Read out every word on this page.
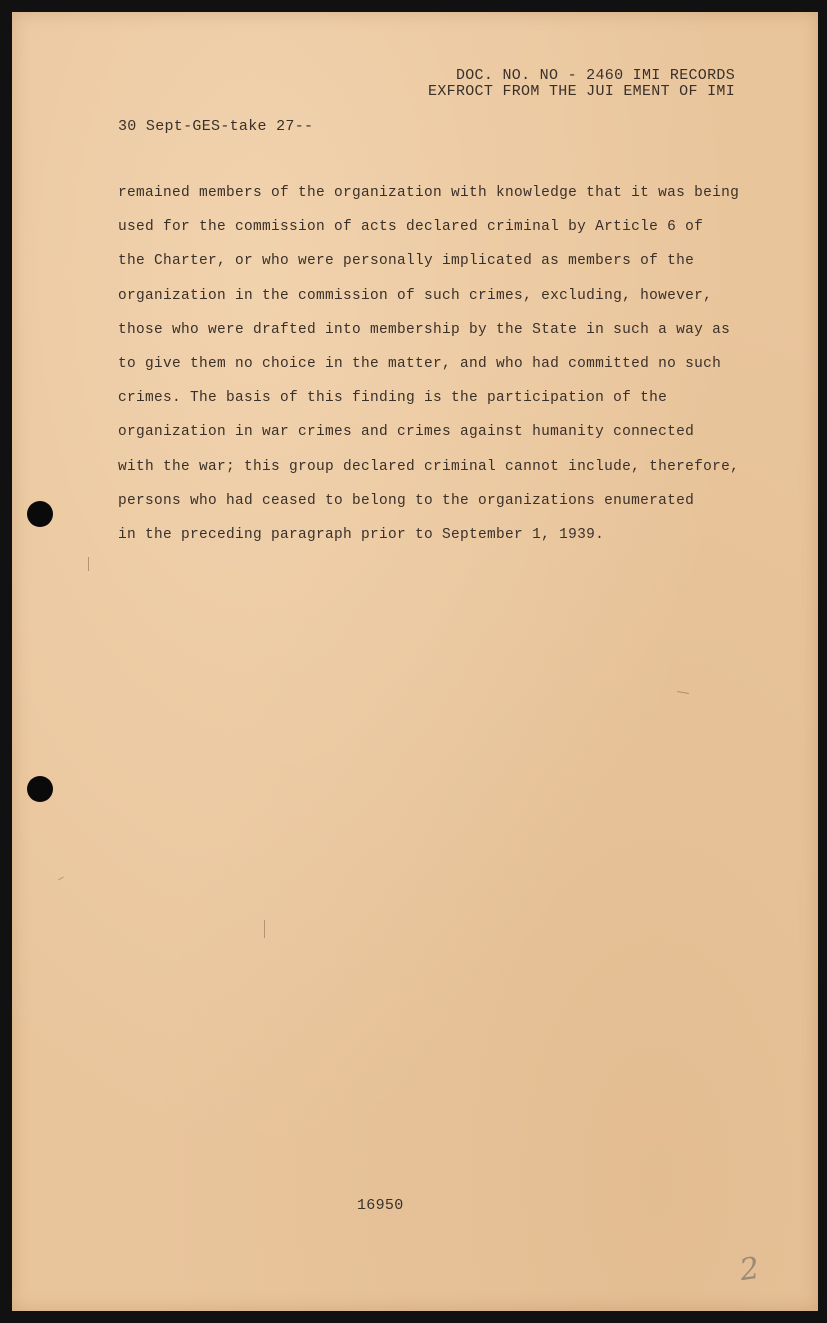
DOC. NO. NO - 2460 IMI RECORDS
EXFROCT FROM THE JUI EMENT OF IMI
30 Sept-GES-take 27--
remained members of the organization with knowledge that it was being
used for the commission of acts declared criminal by Article 6 of
the Charter, or who were personally implicated as members of the
organization in the commission of such crimes, excluding, however,
those who were drafted into membership by the State in such a way as
to give them no choice in the matter, and who had committed no such
crimes. The basis of this finding is the participation of the
organization in war crimes and crimes against humanity connected
with the war; this group declared criminal cannot include, therefore,
persons who had ceased to belong to the organizations enumerated
in the preceding paragraph prior to September 1, 1939.
16950
2
